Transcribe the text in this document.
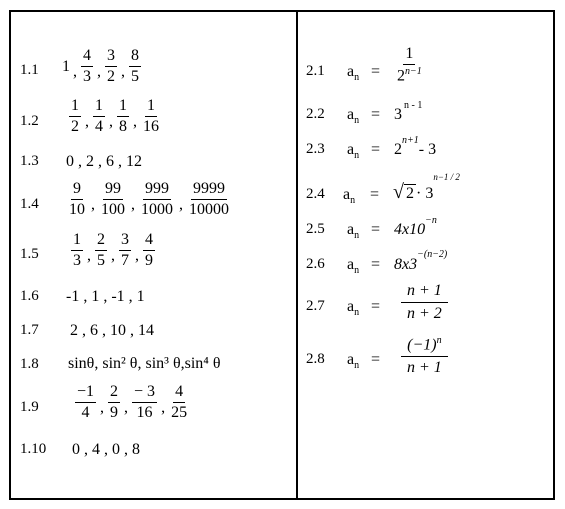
1.1 1 , $\frac{4}{3}$ , $\frac{3}{2}$ , $\frac{8}{5}$
$1.2 \frac{1}{2}$ , $\frac{1}{4}$ , $\frac{1}{8}$ , $\frac{1}{16}$
1.3 0 , 2 , 6 , 12
$1.4 \frac{9}{10}$ , $\frac{99}{100}$ , $\frac{999}{1000}$ , $\frac{9999}{10000}$
$1.5 \frac{1}{3}$ , $\frac{2}{5}$ , $\frac{3}{7}$ , $\frac{4}{9}$
1.6 -1 , 1 , -1 , 1
1.7 2 , 6 , 10 , 14
1.8 sinθ, sin² θ, sin³ θ,sin⁴ θ
$1.9 \frac{-1}{4}$ , $\frac{2}{9}$ , $\frac{- 3}{16}$ , $\frac{4}{25}$
1.10 0 , 4 , 0 , 8
2.1 $a_n = \frac{1}{2^{n-1}}$
2.2 $a_n = 3$
$^{n - 1}$
2.3 $a_n = 2$
$^{n+1}$
- 3
2.4 $a_n$ = √ 2 · 3
n−1 / 2
2.5 $a_n = 4x10$
$^{-n}$
2.6 $a_n = 8x3$
$^{-(n-2)}$
2.7 $a_n = \frac{n + 1}{n + 2}$
2.8 $a_n = \frac{(-1)^n}{n + 1}$
